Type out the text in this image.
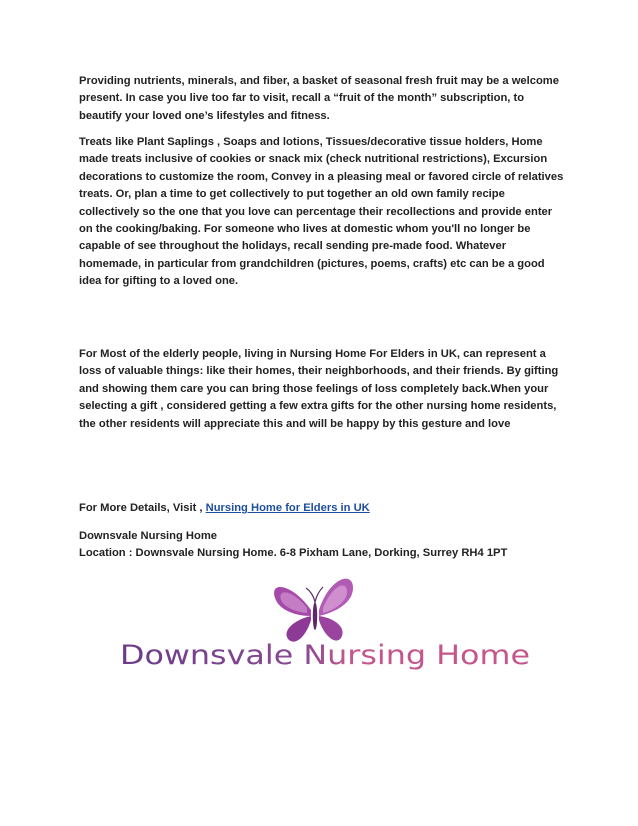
Providing nutrients, minerals, and fiber, a basket of seasonal fresh fruit may be a welcome present. In case you live too far to visit, recall a “fruit of the month” subscription, to beautify your loved one’s lifestyles and fitness.

Treats like Plant Saplings , Soaps and lotions, Tissues/decorative tissue holders, Home made treats inclusive of cookies or snack mix (check nutritional restrictions), Excursion decorations to customize the room, Convey in a pleasing meal or favored circle of relatives treats. Or, plan a time to get collectively to put together an old own family recipe collectively so the one that you love can percentage their recollections and provide enter on the cooking/baking. For someone who lives at domestic whom you'll no longer be capable of see throughout the holidays, recall sending pre-made food. Whatever homemade, in particular from grandchildren (pictures, poems, crafts) etc can be a good idea for gifting to a loved one.

For Most of the elderly people, living in Nursing Home For Elders in UK, can represent a loss of valuable things: like their homes, their neighborhoods, and their friends. By gifting and showing them care you can bring those feelings of loss completely back.When your selecting a gift , considered getting a few extra gifts for the other nursing home residents, the other residents will appreciate this and will be happy by this gesture and love

For More Details, Visit , Nursing Home for Elders in UK

Downsvale Nursing Home
Location : Downsvale Nursing Home. 6-8 Pixham Lane, Dorking, Surrey RH4 1PT

Downsvale Nursing Home
